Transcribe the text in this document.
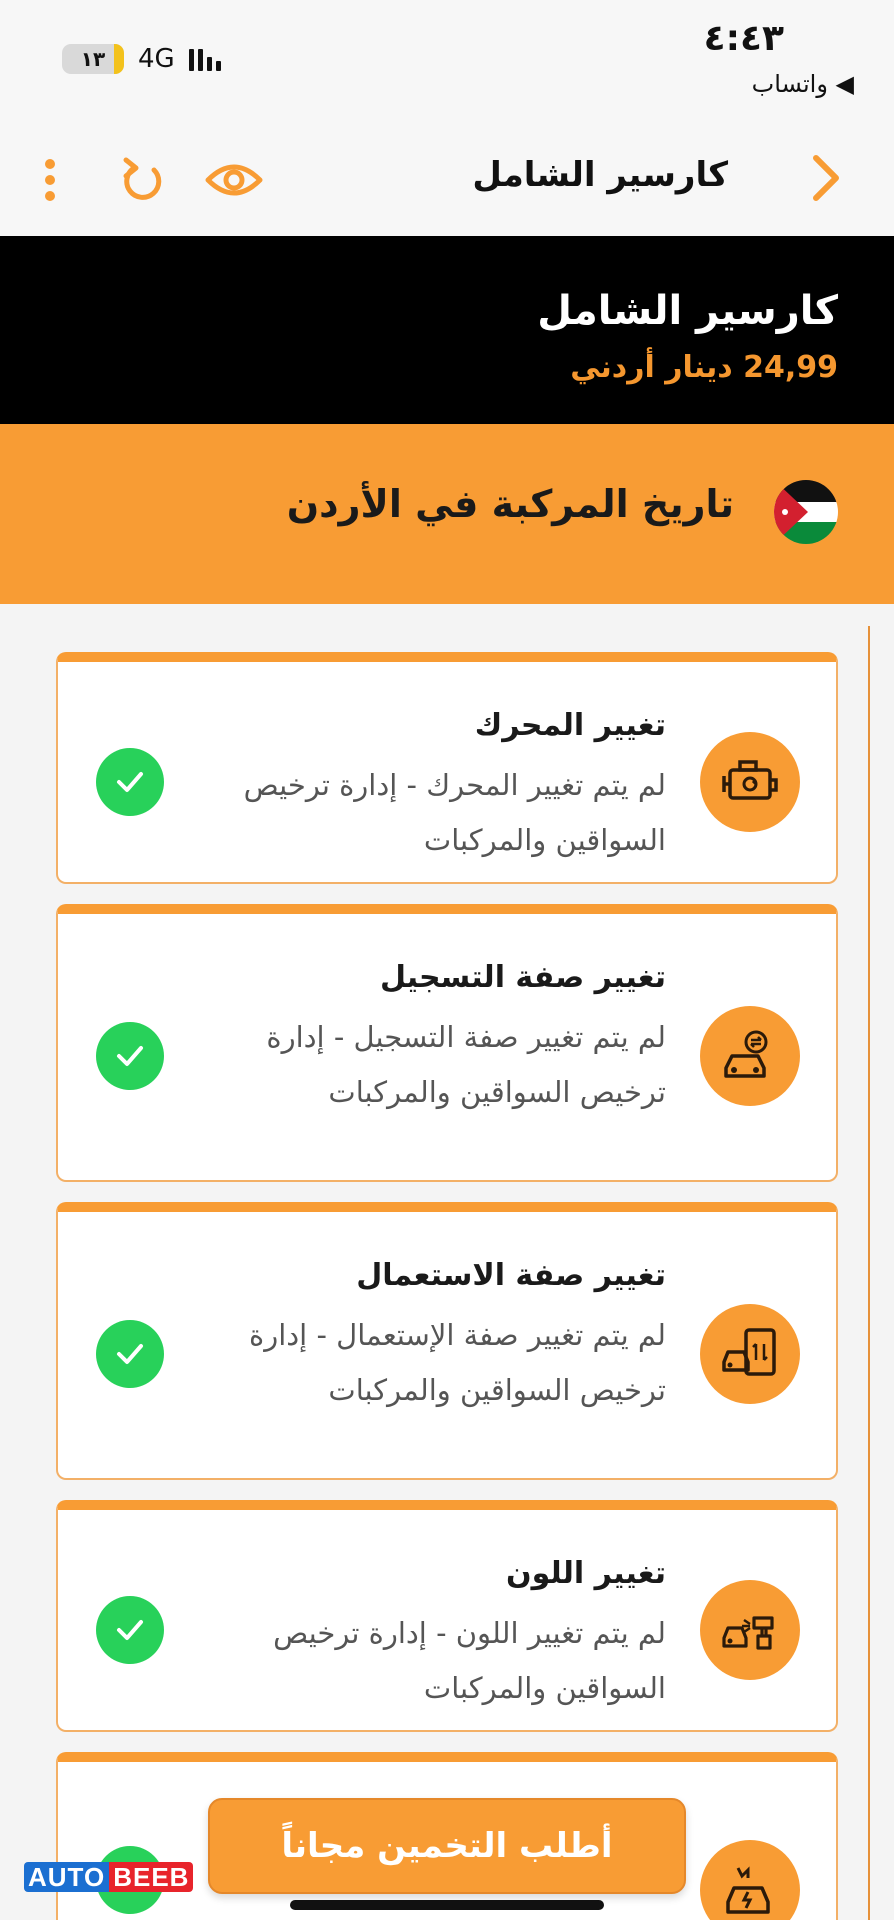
١٣ 4G	٤:٤٣
◀ واتساب
كارسير الشامل
كارسير الشامل
24,99 دينار أردني
تاريخ المركبة في الأردن
تغيير المحرك
لم يتم تغيير المحرك - إدارة ترخيص السواقين والمركبات
تغيير صفة التسجيل
لم يتم تغيير صفة التسجيل - إدارة ترخيص السواقين والمركبات
تغيير صفة الاستعمال
لم يتم تغيير صفة الإستعمال - إدارة ترخيص السواقين والمركبات
تغيير اللون
لم يتم تغيير اللون - إدارة ترخيص السواقين والمركبات
أطلب التخمين مجاناً
AUTO BEEB
